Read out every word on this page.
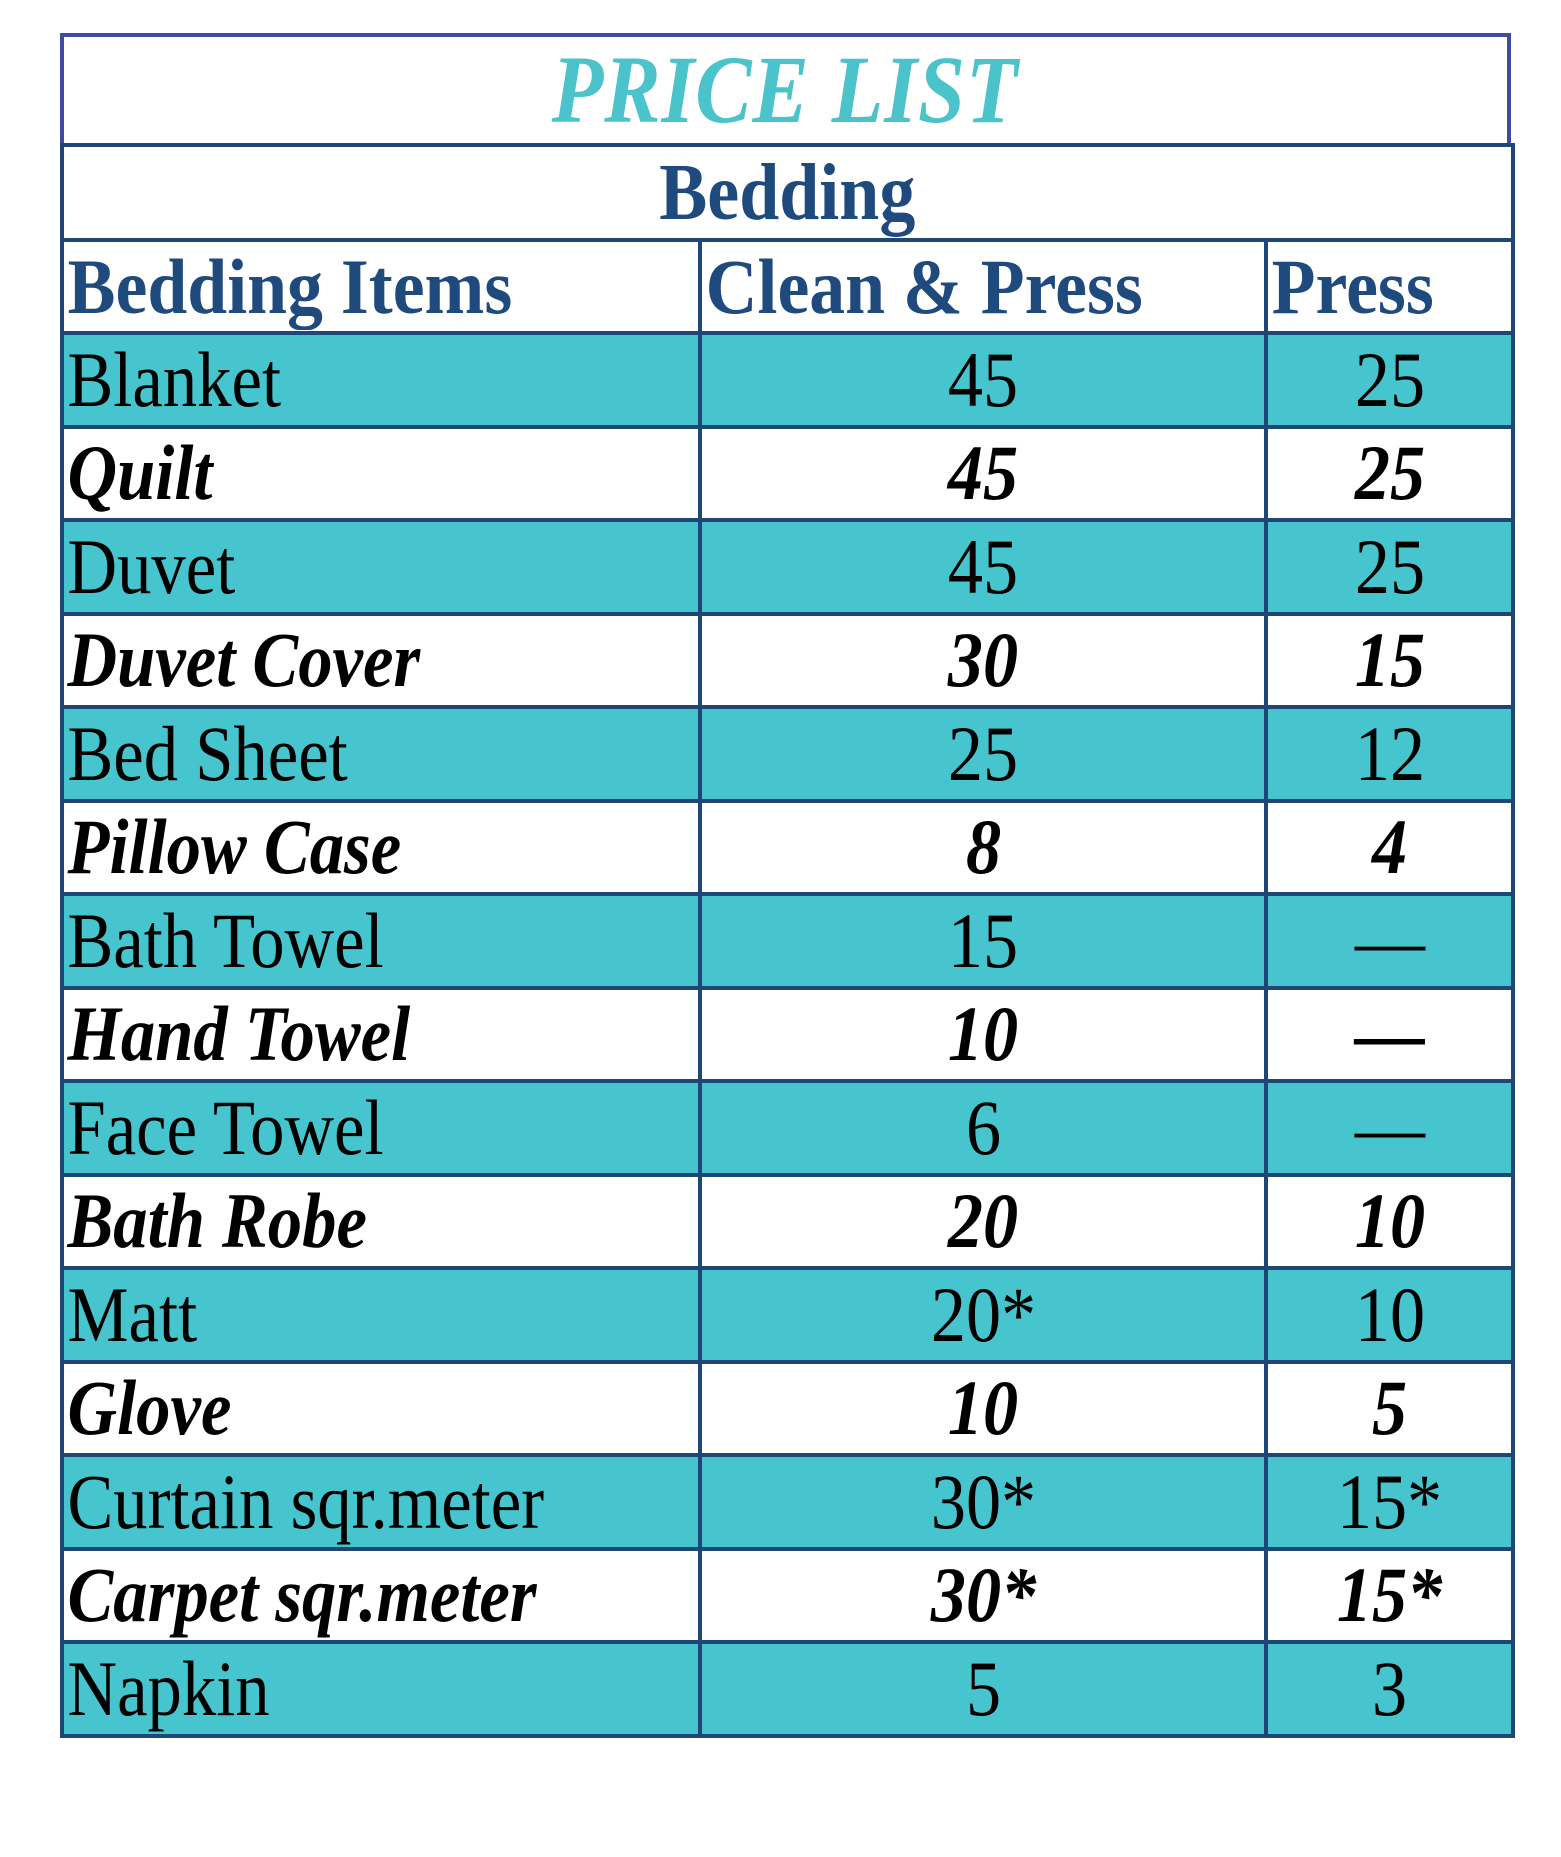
PRICE LIST
Bedding		
Bedding Items	Clean & Press	Press
Blanket	45	25
Quilt	45	25
Duvet	45	25
Duvet Cover	30	15
Bed Sheet	25	12
Pillow Case	8	4
Bath Towel	15	—
Hand Towel	10	—
Face Towel	6	—
Bath Robe	20	10
Matt	20*	10
Glove	10	5
Curtain sqr.meter	30*	15*
Carpet sqr.meter	30*	15*
Napkin	5	3
